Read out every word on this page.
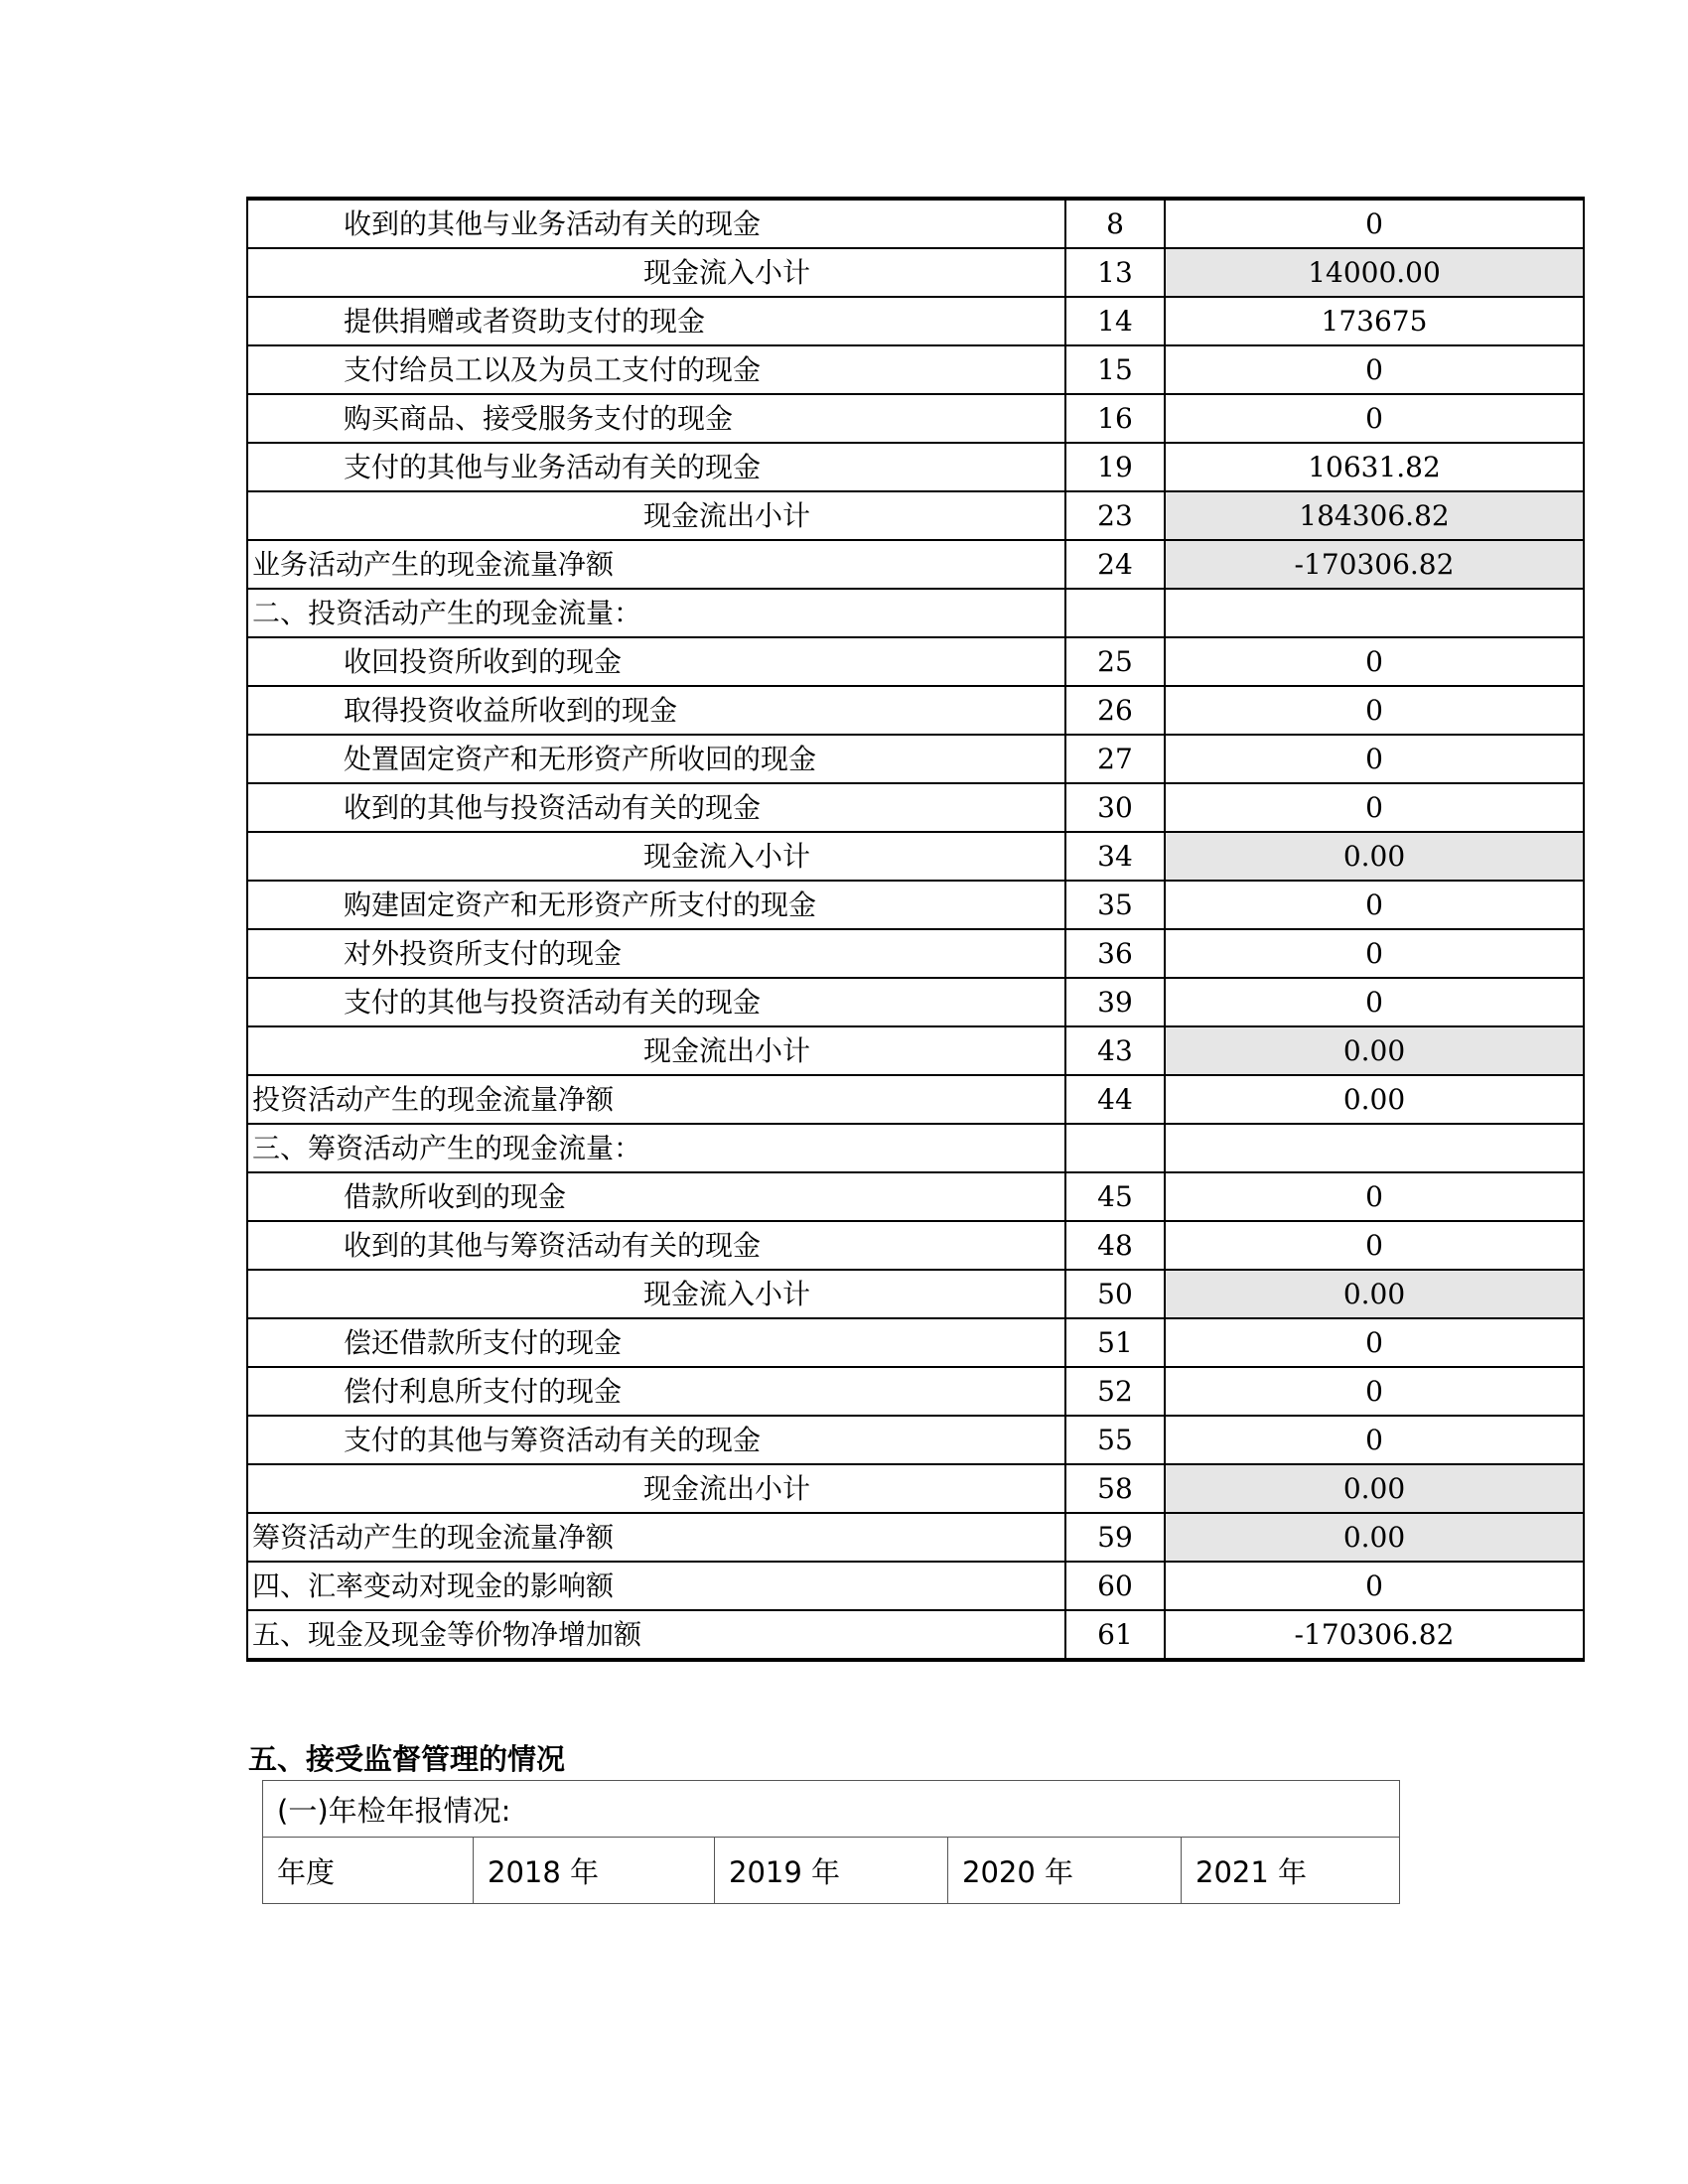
收到的其他与业务活动有关的现金	8	0
现金流入小计	13	14000.00
提供捐赠或者资助支付的现金	14	173675
支付给员工以及为员工支付的现金	15	0
购买商品、接受服务支付的现金	16	0
支付的其他与业务活动有关的现金	19	10631.82
现金流出小计	23	184306.82
业务活动产生的现金流量净额	24	-170306.82
二、投资活动产生的现金流量：		
收回投资所收到的现金	25	0
取得投资收益所收到的现金	26	0
处置固定资产和无形资产所收回的现金	27	0
收到的其他与投资活动有关的现金	30	0
现金流入小计	34	0.00
购建固定资产和无形资产所支付的现金	35	0
对外投资所支付的现金	36	0
支付的其他与投资活动有关的现金	39	0
现金流出小计	43	0.00
投资活动产生的现金流量净额	44	0.00
三、筹资活动产生的现金流量：		
借款所收到的现金	45	0
收到的其他与筹资活动有关的现金	48	0
现金流入小计	50	0.00
偿还借款所支付的现金	51	0
偿付利息所支付的现金	52	0
支付的其他与筹资活动有关的现金	55	0
现金流出小计	58	0.00
筹资活动产生的现金流量净额	59	0.00
四、汇率变动对现金的影响额	60	0
五、现金及现金等价物净增加额	61	-170306.82
五、接受监督管理的情况
(一)年检年报情况:
年度	2018 年	2019 年	2020 年	2021 年
